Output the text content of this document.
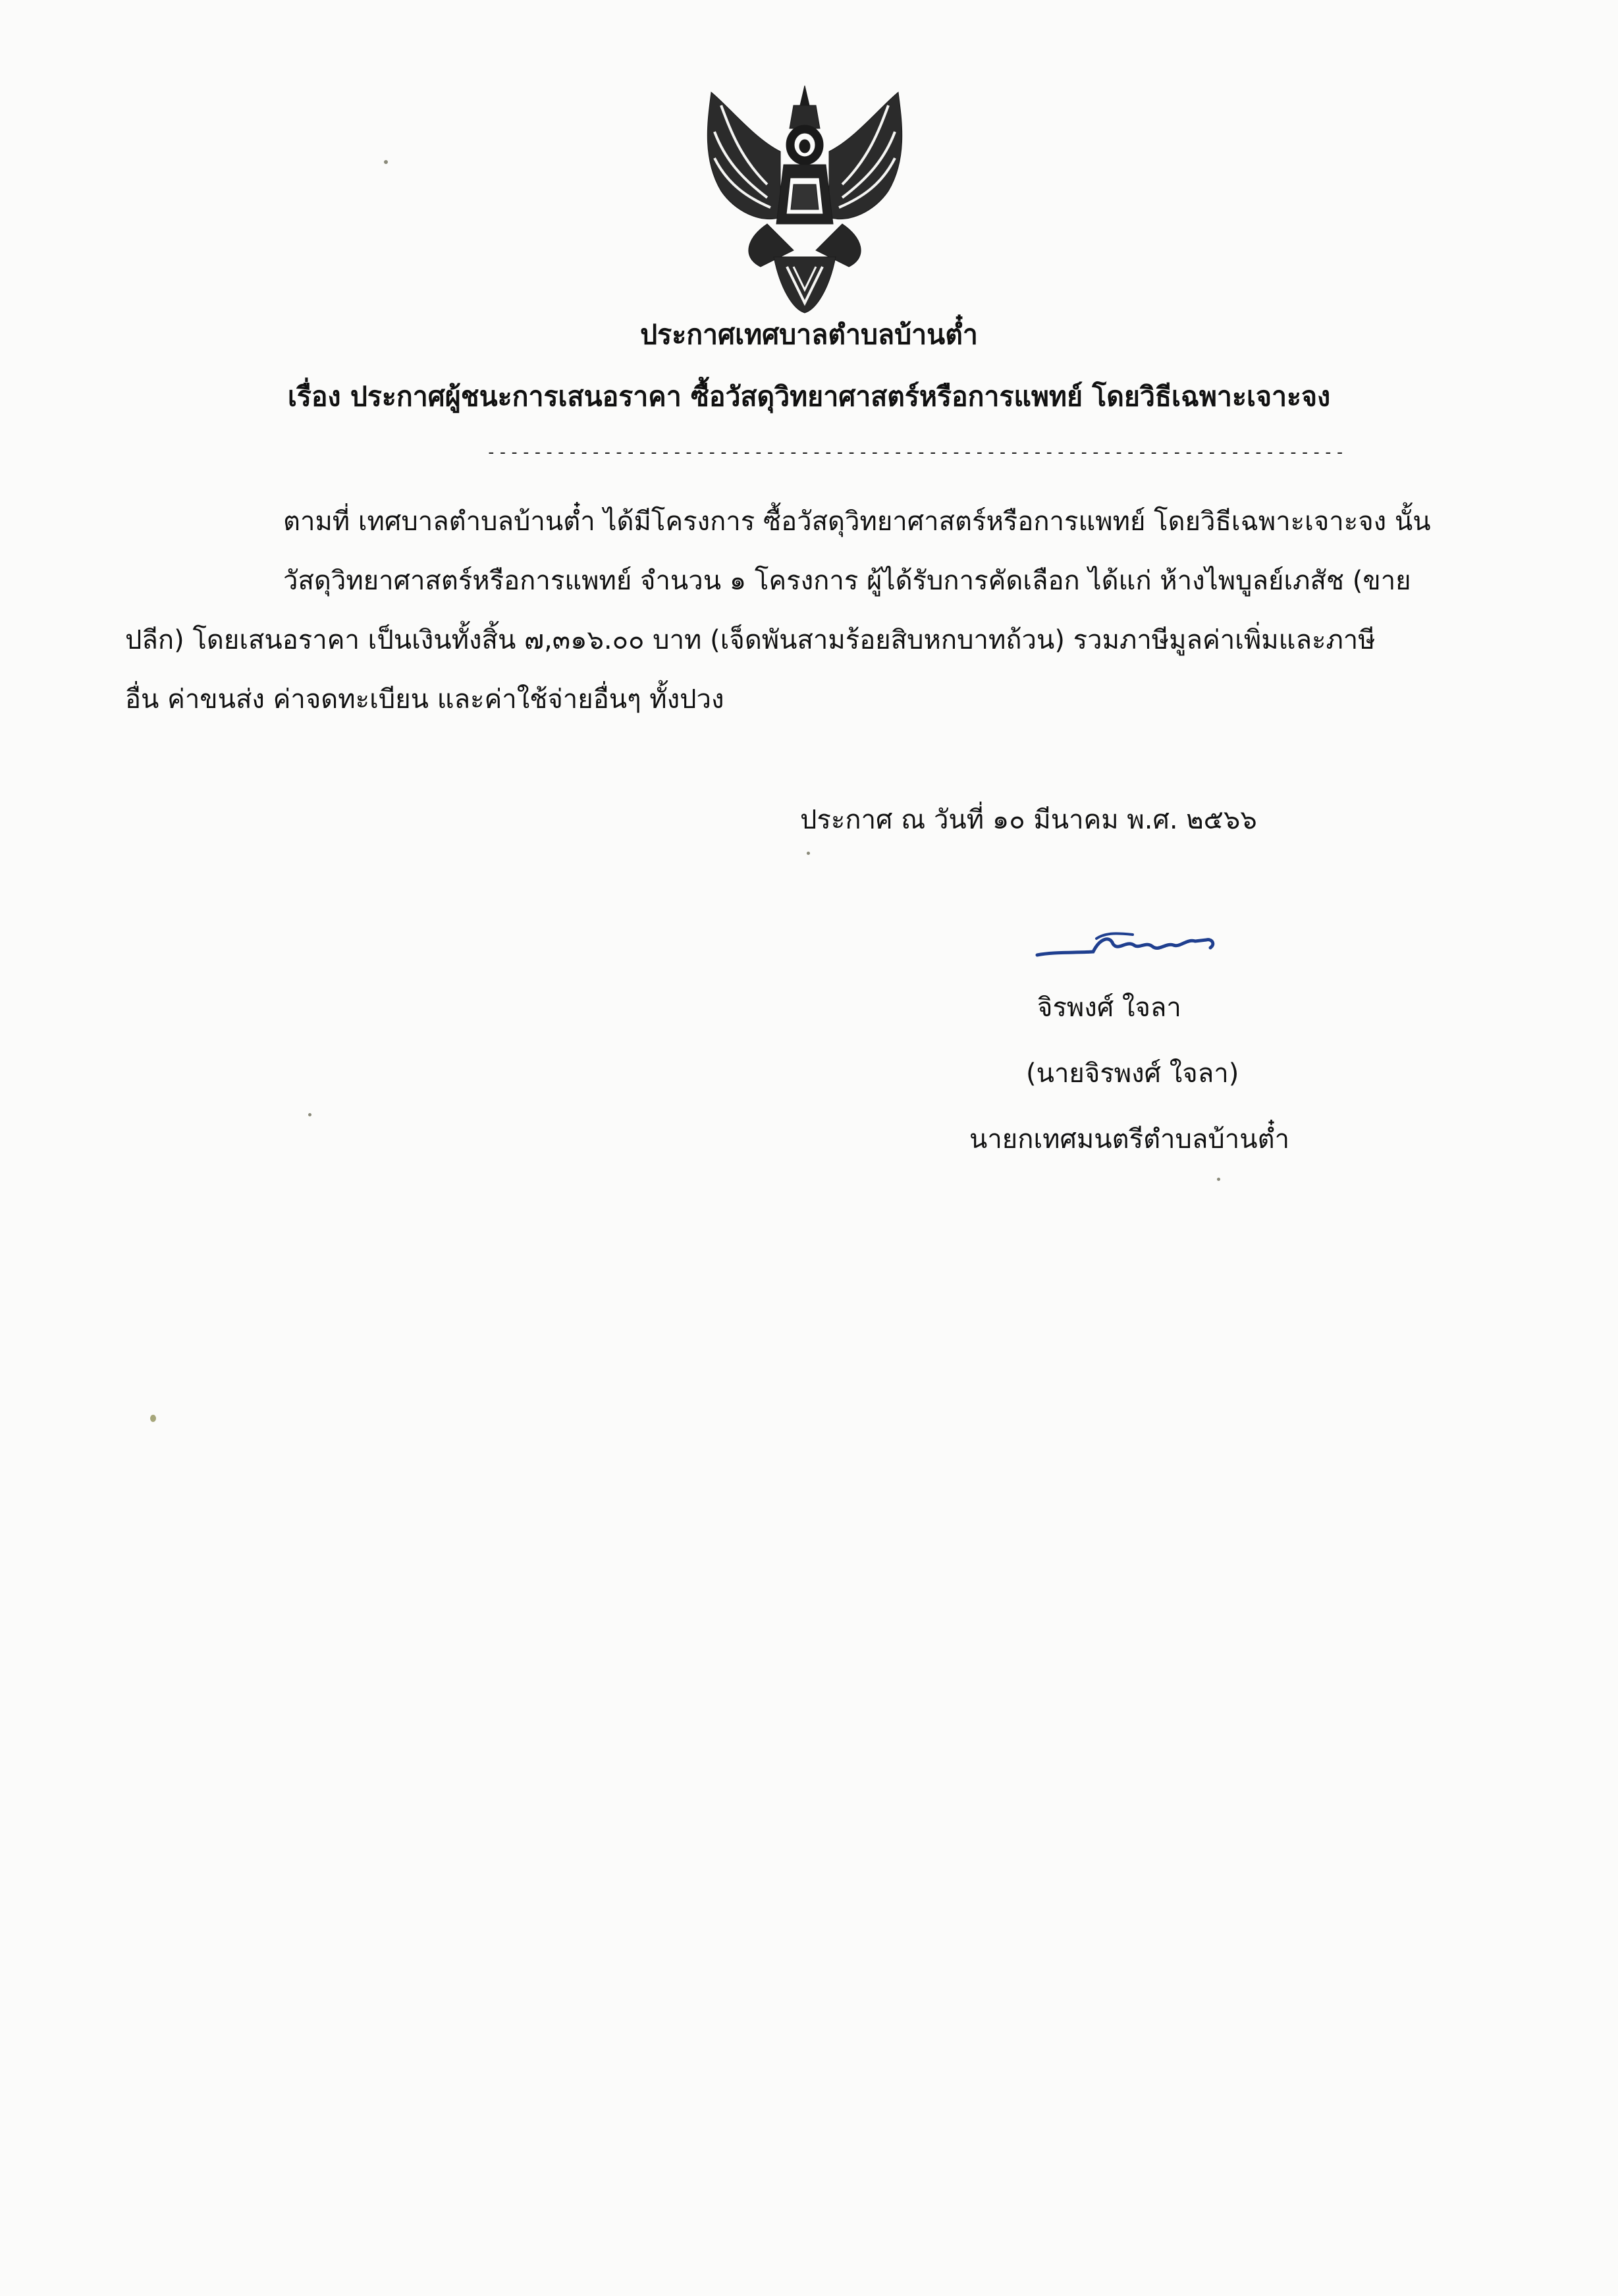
ประกาศเทศบาลตำบลบ้านต๋ำ
เรื่อง ประกาศผู้ชนะการเสนอราคา ซื้อวัสดุวิทยาศาสตร์หรือการแพทย์ โดยวิธีเฉพาะเจาะจง
--------------------------------------------------------------------------
ตามที่ เทศบาลตำบลบ้านต๋ำ ได้มีโครงการ ซื้อวัสดุวิทยาศาสตร์หรือการแพทย์ โดยวิธีเฉพาะเจาะจง นั้น
วัสดุวิทยาศาสตร์หรือการแพทย์ จำนวน ๑ โครงการ ผู้ได้รับการคัดเลือก ได้แก่ ห้างไพบูลย์เภสัช (ขาย
ปลีก) โดยเสนอราคา เป็นเงินทั้งสิ้น ๗,๓๑๖.๐๐ บาท (เจ็ดพันสามร้อยสิบหกบาทถ้วน) รวมภาษีมูลค่าเพิ่มและภาษี
อื่น ค่าขนส่ง ค่าจดทะเบียน และค่าใช้จ่ายอื่นๆ ทั้งปวง
ประกาศ ณ วันที่ ๑๐ มีนาคม พ.ศ. ๒๕๖๖
จิรพงศ์ ใจลา
(นายจิรพงศ์ ใจลา)
นายกเทศมนตรีตำบลบ้านต๋ำ
